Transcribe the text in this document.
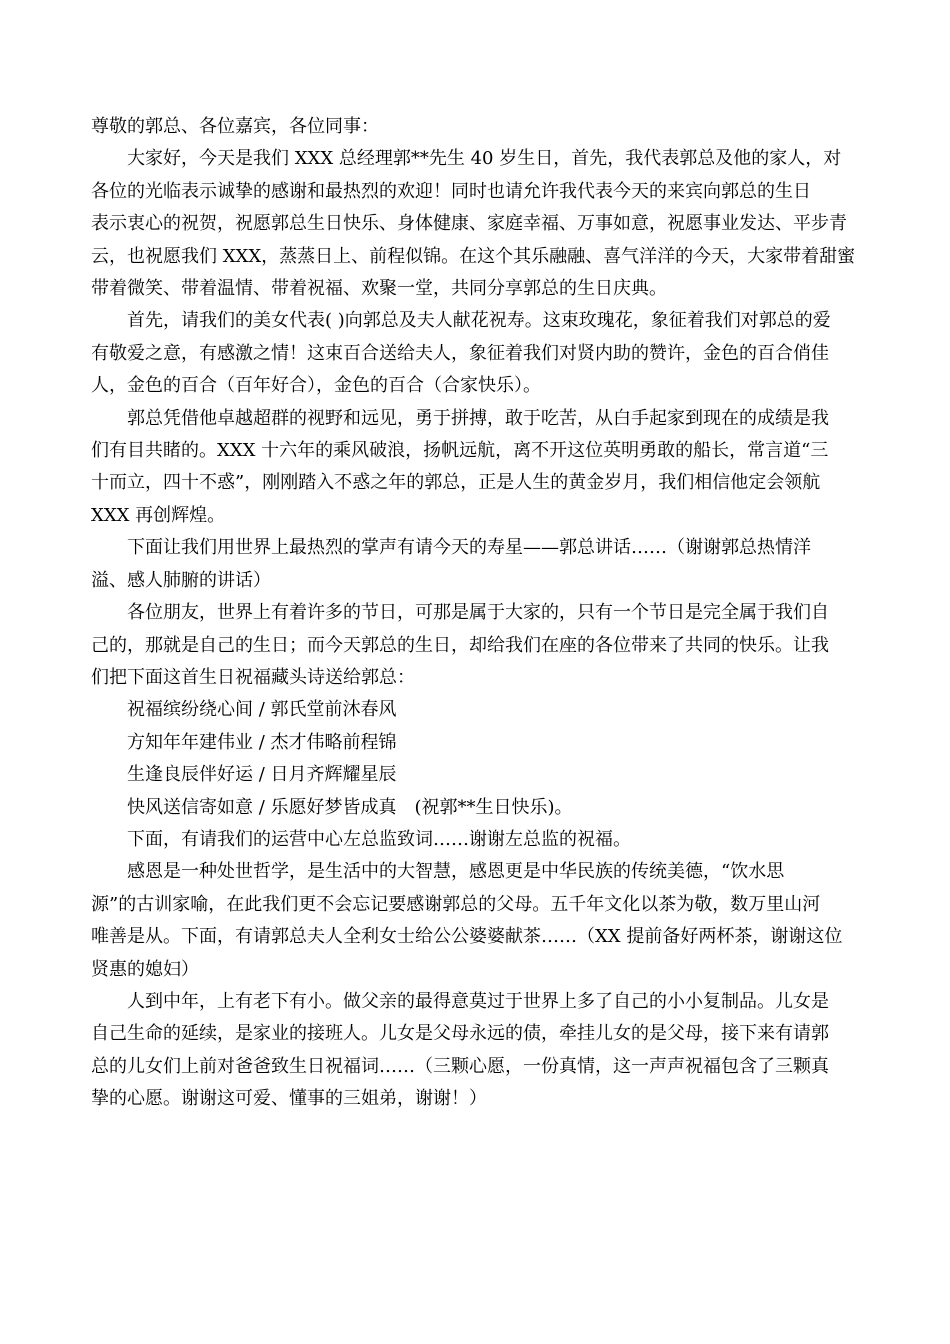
尊敬的郭总、各位嘉宾，各位同事：

　　大家好，今天是我们 XXX 总经理郭**先生 40 岁生日，首先，我代表郭总及他的家人，对
各位的光临表示诚挚的感谢和最热烈的欢迎！同时也请允许我代表今天的来宾向郭总的生日
表示衷心的祝贺，祝愿郭总生日快乐、身体健康、家庭幸福、万事如意，祝愿事业发达、平步青
云，也祝愿我们 XXX，蒸蒸日上、前程似锦。在这个其乐融融、喜气洋洋的今天，大家带着甜蜜
带着微笑、带着温情、带着祝福、欢聚一堂，共同分享郭总的生日庆典。

　　首先，请我们的美女代表( )向郭总及夫人献花祝寿。这束玫瑰花，象征着我们对郭总的爱
有敬爱之意，有感激之情！这束百合送给夫人，象征着我们对贤内助的赞许，金色的百合俏佳
人，金色的百合（百年好合），金色的百合（合家快乐）。

　　郭总凭借他卓越超群的视野和远见，勇于拼搏，敢于吃苦，从白手起家到现在的成绩是我
们有目共睹的。XXX 十六年的乘风破浪，扬帆远航，离不开这位英明勇敢的船长，常言道“三
十而立，四十不惑”，刚刚踏入不惑之年的郭总，正是人生的黄金岁月，我们相信他定会领航
XXX 再创辉煌。

　　下面让我们用世界上最热烈的掌声有请今天的寿星——郭总讲话……（谢谢郭总热情洋
溢、感人肺腑的讲话）

　　各位朋友，世界上有着许多的节日，可那是属于大家的，只有一个节日是完全属于我们自
己的，那就是自己的生日；而今天郭总的生日，却给我们在座的各位带来了共同的快乐。让我
们把下面这首生日祝福藏头诗送给郭总：

　　祝福缤纷绕心间 / 郭氏堂前沐春风

　　方知年年建伟业 / 杰才伟略前程锦

　　生逢良辰伴好运 / 日月齐辉耀星辰

　　快风送信寄如意 / 乐愿好梦皆成真　(祝郭**生日快乐)。

　　下面，有请我们的运营中心左总监致词……谢谢左总监的祝福。

　　感恩是一种处世哲学，是生活中的大智慧，感恩更是中华民族的传统美德，“饮水思
源”的古训家喻，在此我们更不会忘记要感谢郭总的父母。五千年文化以茶为敬，数万里山河
唯善是从。下面，有请郭总夫人全利女士给公公婆婆献茶……（XX 提前备好两杯茶，谢谢这位
贤惠的媳妇）

　　人到中年，上有老下有小。做父亲的最得意莫过于世界上多了自己的小小复制品。儿女是
自己生命的延续，是家业的接班人。儿女是父母永远的债，牵挂儿女的是父母，接下来有请郭
总的儿女们上前对爸爸致生日祝福词……（三颗心愿，一份真情，这一声声祝福包含了三颗真
挚的心愿。谢谢这可爱、懂事的三姐弟，谢谢！）
